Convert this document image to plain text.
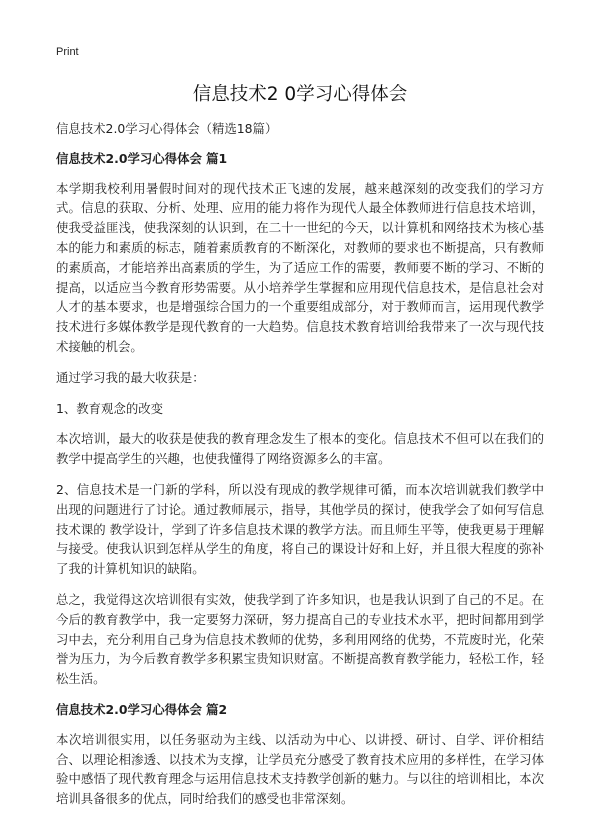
Print
信息技术2 0学习心得体会

信息技术2.0学习心得体会（精选18篇）

信息技术2.0学习心得体会 篇1

本学期我校利用暑假时间对的现代技术正飞速的发展，越来越深刻的改变我们的学习方式。信息的获取、分析、处理、应用的能力将作为现代人最全体教师进行信息技术培训，使我受益匪浅，使我深刻的认识到，在二十一世纪的今天，以计算机和网络技术为核心基本的能力和素质的标志，随着素质教育的不断深化，对教师的要求也不断提高，只有教师的素质高，才能培养出高素质的学生，为了适应工作的需要，教师要不断的学习、不断的提高，以适应当今教育形势需要。从小培养学生掌握和应用现代信息技术，是信息社会对人才的基本要求，也是增强综合国力的一个重要组成部分，对于教师而言，运用现代教学技术进行多媒体教学是现代教育的一大趋势。信息技术教育培训给我带来了一次与现代技术接触的机会。

通过学习我的最大收获是：

1、教育观念的改变

本次培训，最大的收获是使我的教育理念发生了根本的变化。信息技术不但可以在我们的教学中提高学生的兴趣，也使我懂得了网络资源多么的丰富。

2、信息技术是一门新的学科，所以没有现成的教学规律可循，而本次培训就我们教学中出现的问题进行了讨论。通过教师展示，指导，其他学员的探讨，使我学会了如何写信息技术课的 教学设计，学到了许多信息技术课的教学方法。而且师生平等，使我更易于理解与接受。使我认识到怎样从学生的角度，将自己的课设计好和上好，并且很大程度的弥补了我的计算机知识的缺陷。

总之，我觉得这次培训很有实效，使我学到了许多知识，也是我认识到了自己的不足。在今后的教育教学中，我一定要努力深研，努力提高自己的专业技术水平，把时间都用到学习中去，充分利用自己身为信息技术教师的优势，多利用网络的优势，不荒废时光，化荣誉为压力，为今后教育教学多积累宝贵知识财富。不断提高教育教学能力，轻松工作，轻松生活。

信息技术2.0学习心得体会 篇2

本次培训很实用，以任务驱动为主线、以活动为中心、以讲授、研讨、自学、评价相结合、以理论相渗透、以技术为支撑，让学员充分感受了教育技术应用的多样性，在学习体验中感悟了现代教育理念与运用信息技术支持教学创新的魅力。与以往的培训相比，本次培训具备很多的优点，同时给我们的感受也非常深刻。
